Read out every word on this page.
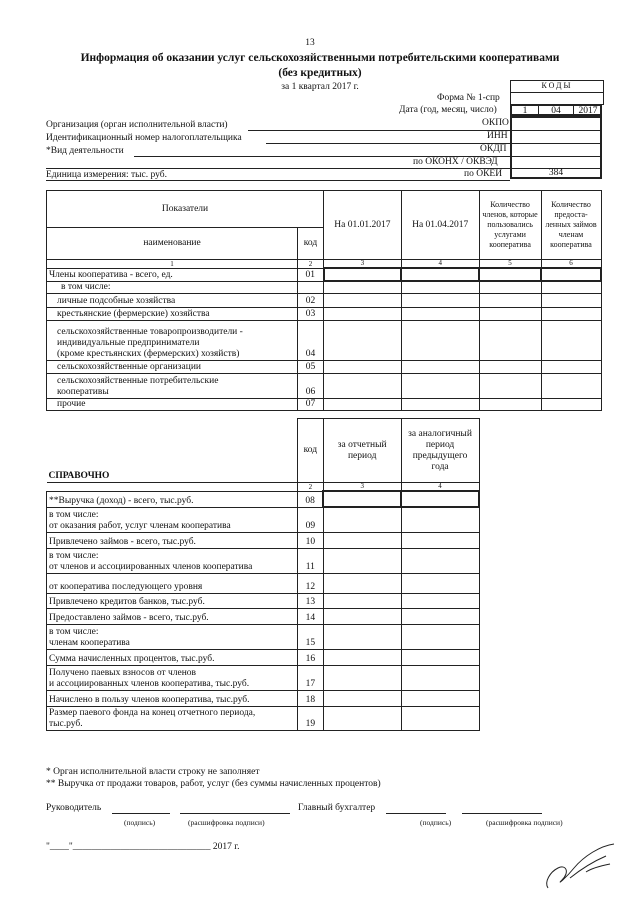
13
Информация об оказании услуг сельскохозяйственными потребительскими кооперативами
(без кредитных)
за 1 квартал 2017 г.	КОДЫ
Форма № 1-спр
Дата (год, месяц, число)	1	04	2017
ОКПО
ИНН
ОКДП
по ОКОНХ / ОКВЭД
по ОКЕИ	384
Организация (орган исполнительной власти)
Идентификационный номер налогоплательщика
*Вид деятельности
Единица измерения: тыс. руб.
Показатели		На 01.01.2017	На 01.04.2017	Количество членов, которые пользовались услугами кооператива	Количество предоста-ленных займов членам кооператива
наименование	код				
1	2	3	4	5	6
Члены кооператива - всего, ед.	01				
в том числе:					
личные подсобные хозяйства	02				
крестьянские (фермерские) хозяйства	03				
сельскохозяйственные товаропроизводители -
индивидуальные предприниматели
(кроме крестьянских (фермерских) хозяйств)	04				
сельскохозяйственные организации	05				
сельскохозяйственные потребительские
кооперативы	06				
прочие	07				
СПРАВОЧНО	код	за отчетный период	за аналогичный период предыдущего года
	2	3	4
**Выручка (доход) - всего, тыс.руб.	08		
в том числе:
от оказания работ, услуг членам кооператива	09		
Привлечено займов - всего, тыс.руб.	10		
в том числе:
от членов и ассоциированных членов кооператива	11		
от кооператива последующего уровня	12		
Привлечено кредитов банков, тыс.руб.	13		
Предоставлено займов - всего, тыс.руб.	14		
в том числе:
членам кооператива	15		
Сумма начисленных процентов, тыс.руб.	16		
Получено паевых взносов от членов
и ассоциированных членов кооператива, тыс.руб.	17		
Начислено в пользу членов кооператива, тыс.руб.	18		
Размер паевого фонда на конец отчетного периода,
тыс.руб.	19		
* Орган исполнительной власти строку не заполняет
** Выручка от продажи товаров, работ, услуг (без суммы начисленных процентов)
Руководитель
(подпись)	(расшифровка подписи)
Главный бухгалтер
(подпись)	(расшифровка подписи)
"____"_____________________________ 2017 г.
